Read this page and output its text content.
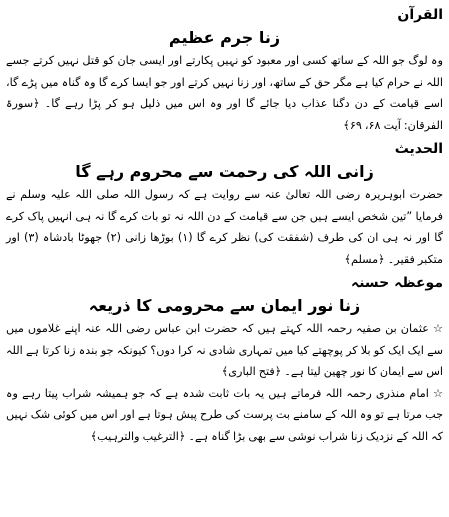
القرآن

زنا جرم عظیم

وہ لوگ جو اللہ کے ساتھ کسی اور معبود کو نہیں پکارتے اور ایسی جان کو قتل نہیں کرتے جسے اللہ نے حرام کیا ہے مگر حق کے ساتھ، اور زنا نہیں کرتے اور جو ایسا کرے گا وہ گناہ میں پڑے گا، اسے قیامت کے دن دگنا عذاب دیا جائے گا اور وہ اس میں ذلیل ہو کر پڑا رہے گا۔ ﴿سورۃ الفرقان: آیت ۶۸، ۶۹﴾

الحدیث

زانی اللہ کی رحمت سے محروم رہے گا

حضرت ابوہریرہ رضی اللہ تعالیٰ عنہ سے روایت ہے کہ رسول اللہ صلی اللہ علیہ وسلم نے فرمایا ”تین شخص ایسے ہیں جن سے قیامت کے دن اللہ نہ تو بات کرے گا نہ ہی انہیں پاک کرے گا اور نہ ہی ان کی طرف (شفقت کی) نظر کرے گا (۱) بوڑھا زانی (۲) جھوٹا بادشاہ (۳) اور متکبر فقیر۔ ﴿مسلم﴾

موعظہ حسنہ

زنا نور ایمان سے محرومی کا ذریعہ

☆ عثمان بن صفیہ رحمہ اللہ کہتے ہیں کہ حضرت ابن عباس رضی اللہ عنہ اپنے غلاموں میں سے ایک ایک کو بلا کر پوچھتے کیا میں تمہاری شادی نہ کرا دوں؟ کیونکہ جو بندہ زنا کرتا ہے اللہ اس سے ایمان کا نور چھین لیتا ہے۔ ﴿فتح الباری﴾

☆ امام منذری رحمہ اللہ فرماتے ہیں یہ بات ثابت شدہ ہے کہ جو ہمیشہ شراب پیتا رہے وہ جب مرتا ہے تو وہ اللہ کے سامنے بت پرست کی طرح پیش ہوتا ہے اور اس میں کوئی شک نہیں کہ اللہ کے نزدیک زنا شراب نوشی سے بھی بڑا گناہ ہے۔ ﴿الترغیب والترہیب﴾
